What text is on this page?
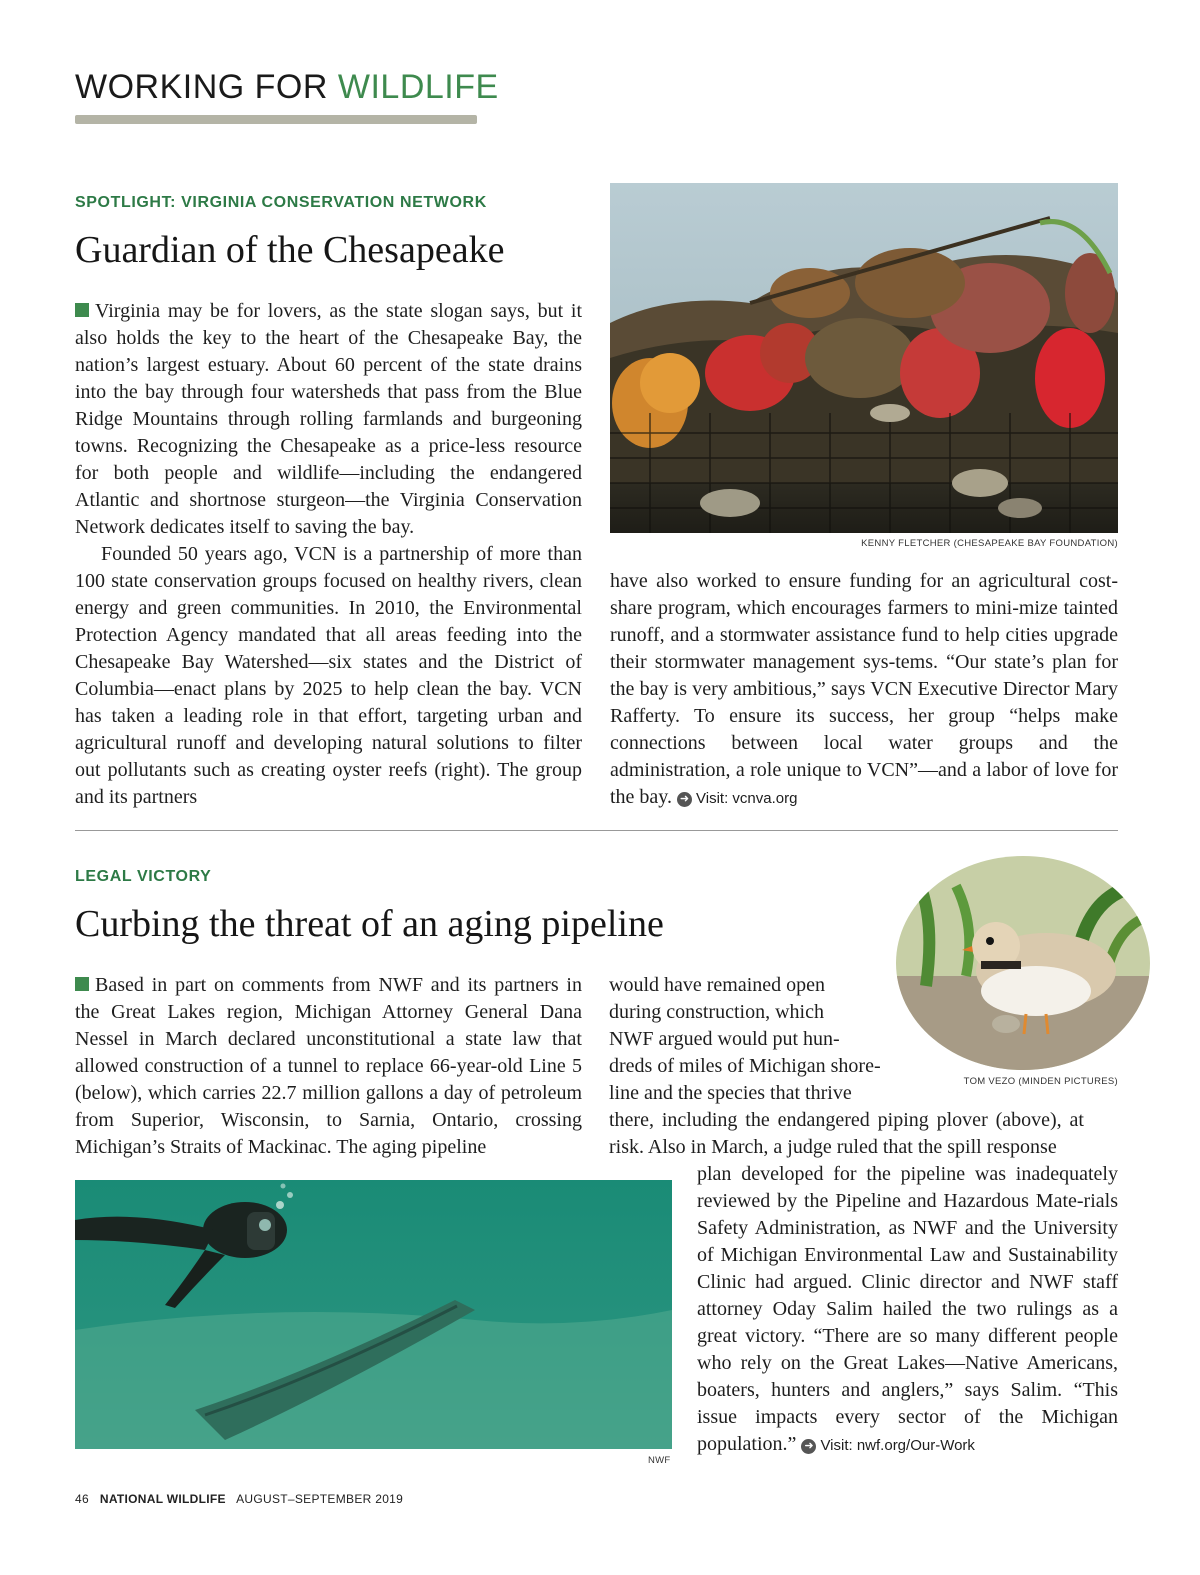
WORKING FOR WILDLIFE
SPOTLIGHT: VIRGINIA CONSERVATION NETWORK
Guardian of the Chesapeake

Virginia may be for lovers, as the state slogan says, but it also holds the key to the heart of the Chesapeake Bay, the nation’s largest estuary. About 60 percent of the state drains into the bay through four watersheds that pass from the Blue Ridge Mountains through rolling farmlands and burgeoning towns. Recognizing the Chesapeake as a price-less resource for both people and wildlife—including the endangered Atlantic and shortnose sturgeon—the Virginia Conservation Network dedicates itself to saving the bay.

Founded 50 years ago, VCN is a partnership of more than 100 state conservation groups focused on healthy rivers, clean energy and green communities. In 2010, the Environmental Protection Agency mandated that all areas feeding into the Chesapeake Bay Watershed—six states and the District of Columbia—enact plans by 2025 to help clean the bay. VCN has taken a leading role in that effort, targeting urban and agricultural runoff and developing natural solutions to filter out pollutants such as creating oyster reefs (right). The group and its partners

KENNY FLETCHER (CHESAPEAKE BAY FOUNDATION)

have also worked to ensure funding for an agricultural cost-share program, which encourages farmers to mini-mize tainted runoff, and a stormwater assistance fund to help cities upgrade their stormwater management sys-tems. “Our state’s plan for the bay is very ambitious,” says VCN Executive Director Mary Rafferty. To ensure its success, her group “helps make connections between local water groups and the administration, a role unique to VCN”—and a labor of love for the bay. ➜ Visit: vcnva.org

LEGAL VICTORY
Curbing the threat of an aging pipeline
TOM VEZO (MINDEN PICTURES)

Based in part on comments from NWF and its partners in the Great Lakes region, Michigan Attorney General Dana Nessel in March declared unconstitutional a state law that allowed construction of a tunnel to replace 66-year-old Line 5 (below), which carries 22.7 million gallons a day of petroleum from Superior, Wisconsin, to Sarnia, Ontario, crossing Michigan’s Straits of Mackinac. The aging pipeline

would have remained open
during construction, which
NWF argued would put hun-
dreds of miles of Michigan shore-
line and the species that thrive
there, including the endangered piping plover (above), at risk. Also in March, a judge ruled that the spill response

plan developed for the pipeline was inadequately reviewed by the Pipeline and Hazardous Mate-rials Safety Administration, as NWF and the University of Michigan Environmental Law and Sustainability Clinic had argued. Clinic director and NWF staff attorney Oday Salim hailed the two rulings as a great victory. “There are so many different people who rely on the Great Lakes—Native Americans, boaters, hunters and anglers,” says Salim. “This issue impacts every sector of the Michigan population.” ➜ Visit: nwf.org/Our-Work

NWF
46 NATIONAL WILDLIFE AUGUST–SEPTEMBER 2019
